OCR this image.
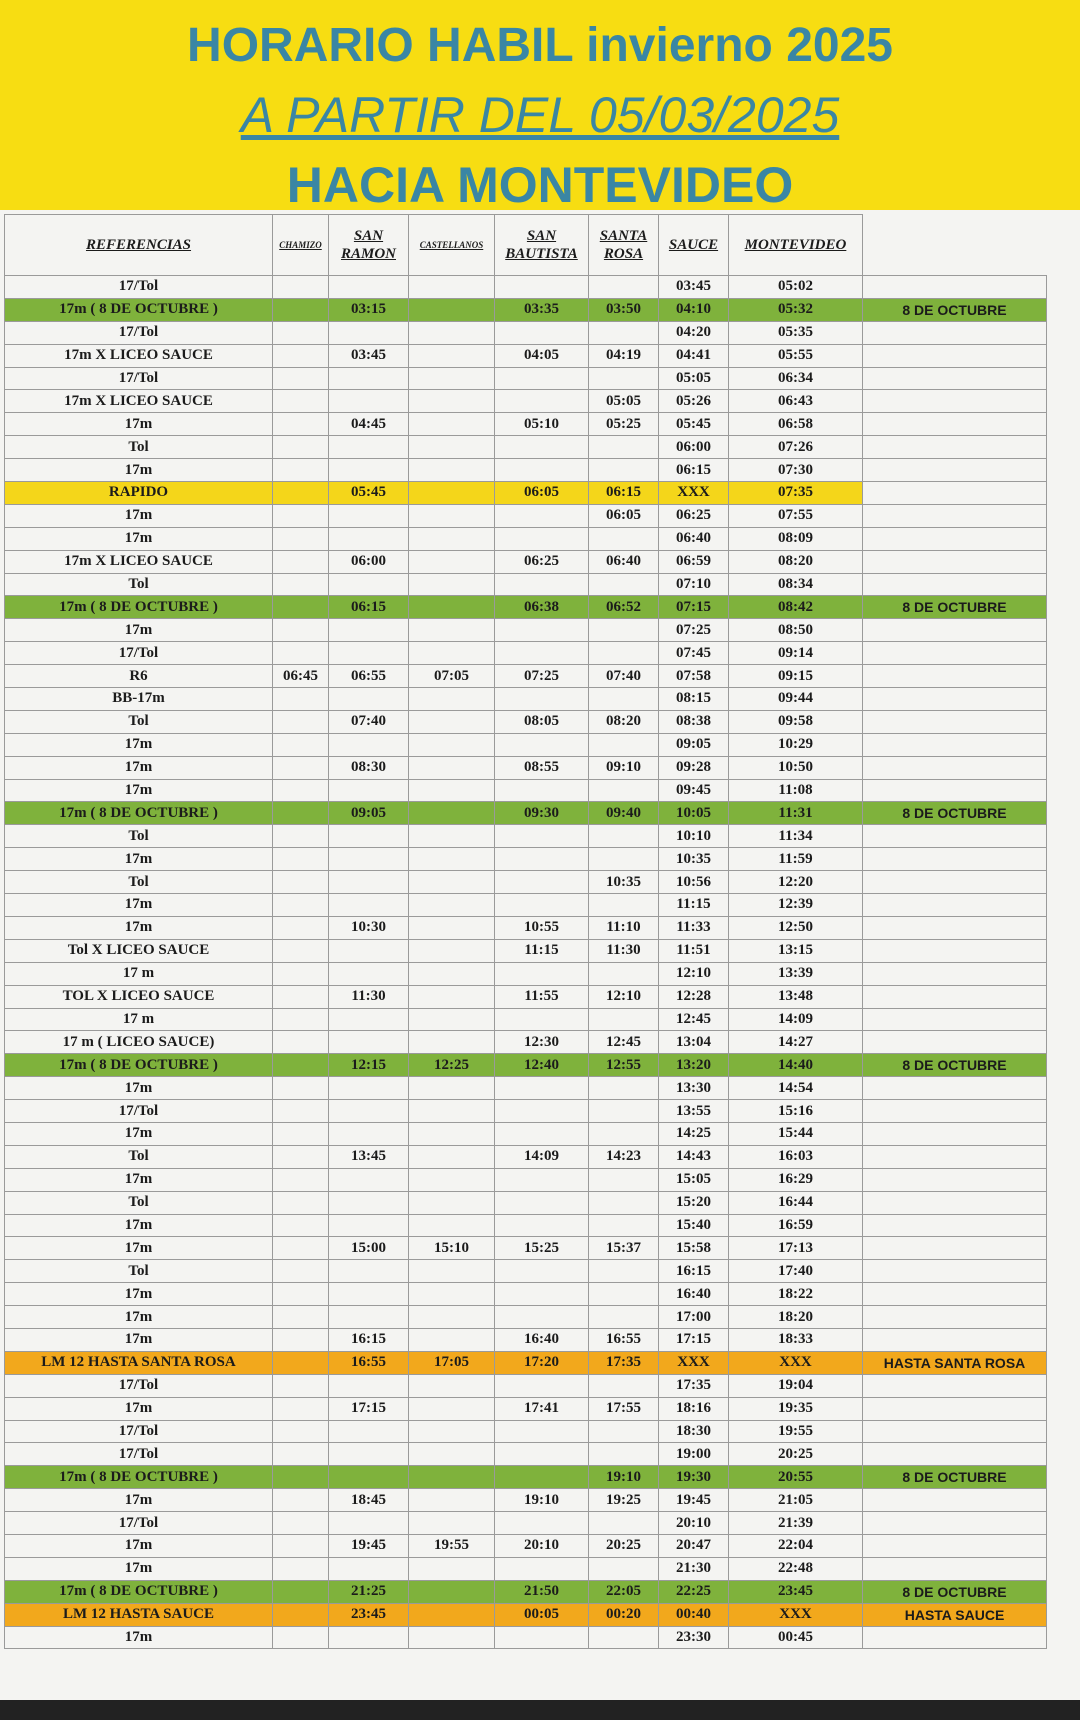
HORARIO HABIL invierno 2025
A PARTIR DEL 05/03/2025
HACIA MONTEVIDEO
REFERENCIAS	CHAMIZO	SAN RAMON	CASTELLANOS	SAN BAUTISTA	SANTA ROSA	SAUCE	MONTEVIDEO	
17/Tol						03:45	05:02	
17m ( 8 DE OCTUBRE )		03:15		03:35	03:50	04:10	05:32	8 DE OCTUBRE
17/Tol						04:20	05:35	
17m X LICEO SAUCE		03:45		04:05	04:19	04:41	05:55	
17/Tol						05:05	06:34	
17m X LICEO SAUCE					05:05	05:26	06:43	
17m		04:45		05:10	05:25	05:45	06:58	
Tol						06:00	07:26	
17m						06:15	07:30	
RAPIDO		05:45		06:05	06:15	XXX	07:35	
17m					06:05	06:25	07:55	
17m						06:40	08:09	
17m X LICEO SAUCE		06:00		06:25	06:40	06:59	08:20	
Tol						07:10	08:34	
17m ( 8 DE OCTUBRE )		06:15		06:38	06:52	07:15	08:42	8 DE OCTUBRE
17m						07:25	08:50	
17/Tol						07:45	09:14	
R6	06:45	06:55	07:05	07:25	07:40	07:58	09:15	
BB-17m						08:15	09:44	
Tol		07:40		08:05	08:20	08:38	09:58	
17m						09:05	10:29	
17m		08:30		08:55	09:10	09:28	10:50	
17m						09:45	11:08	
17m ( 8 DE OCTUBRE )		09:05		09:30	09:40	10:05	11:31	8 DE OCTUBRE
Tol						10:10	11:34	
17m						10:35	11:59	
Tol					10:35	10:56	12:20	
17m						11:15	12:39	
17m		10:30		10:55	11:10	11:33	12:50	
Tol X LICEO SAUCE				11:15	11:30	11:51	13:15	
17 m						12:10	13:39	
TOL X LICEO SAUCE		11:30		11:55	12:10	12:28	13:48	
17 m						12:45	14:09	
17 m ( LICEO SAUCE)				12:30	12:45	13:04	14:27	
17m ( 8 DE OCTUBRE )		12:15	12:25	12:40	12:55	13:20	14:40	8 DE OCTUBRE
17m						13:30	14:54	
17/Tol						13:55	15:16	
17m						14:25	15:44	
Tol		13:45		14:09	14:23	14:43	16:03	
17m						15:05	16:29	
Tol						15:20	16:44	
17m						15:40	16:59	
17m		15:00	15:10	15:25	15:37	15:58	17:13	
Tol						16:15	17:40	
17m						16:40	18:22	
17m						17:00	18:20	
17m		16:15		16:40	16:55	17:15	18:33	
LM 12 HASTA SANTA ROSA		16:55	17:05	17:20	17:35	XXX	XXX	HASTA SANTA ROSA
17/Tol						17:35	19:04	
17m		17:15		17:41	17:55	18:16	19:35	
17/Tol						18:30	19:55	
17/Tol						19:00	20:25	
17m ( 8 DE OCTUBRE )					19:10	19:30	20:55	8 DE OCTUBRE
17m		18:45		19:10	19:25	19:45	21:05	
17/Tol						20:10	21:39	
17m		19:45	19:55	20:10	20:25	20:47	22:04	
17m						21:30	22:48	
17m ( 8 DE OCTUBRE )		21:25		21:50	22:05	22:25	23:45	8 DE OCTUBRE
LM 12 HASTA SAUCE		23:45		00:05	00:20	00:40	XXX	HASTA SAUCE
17m						23:30	00:45	
